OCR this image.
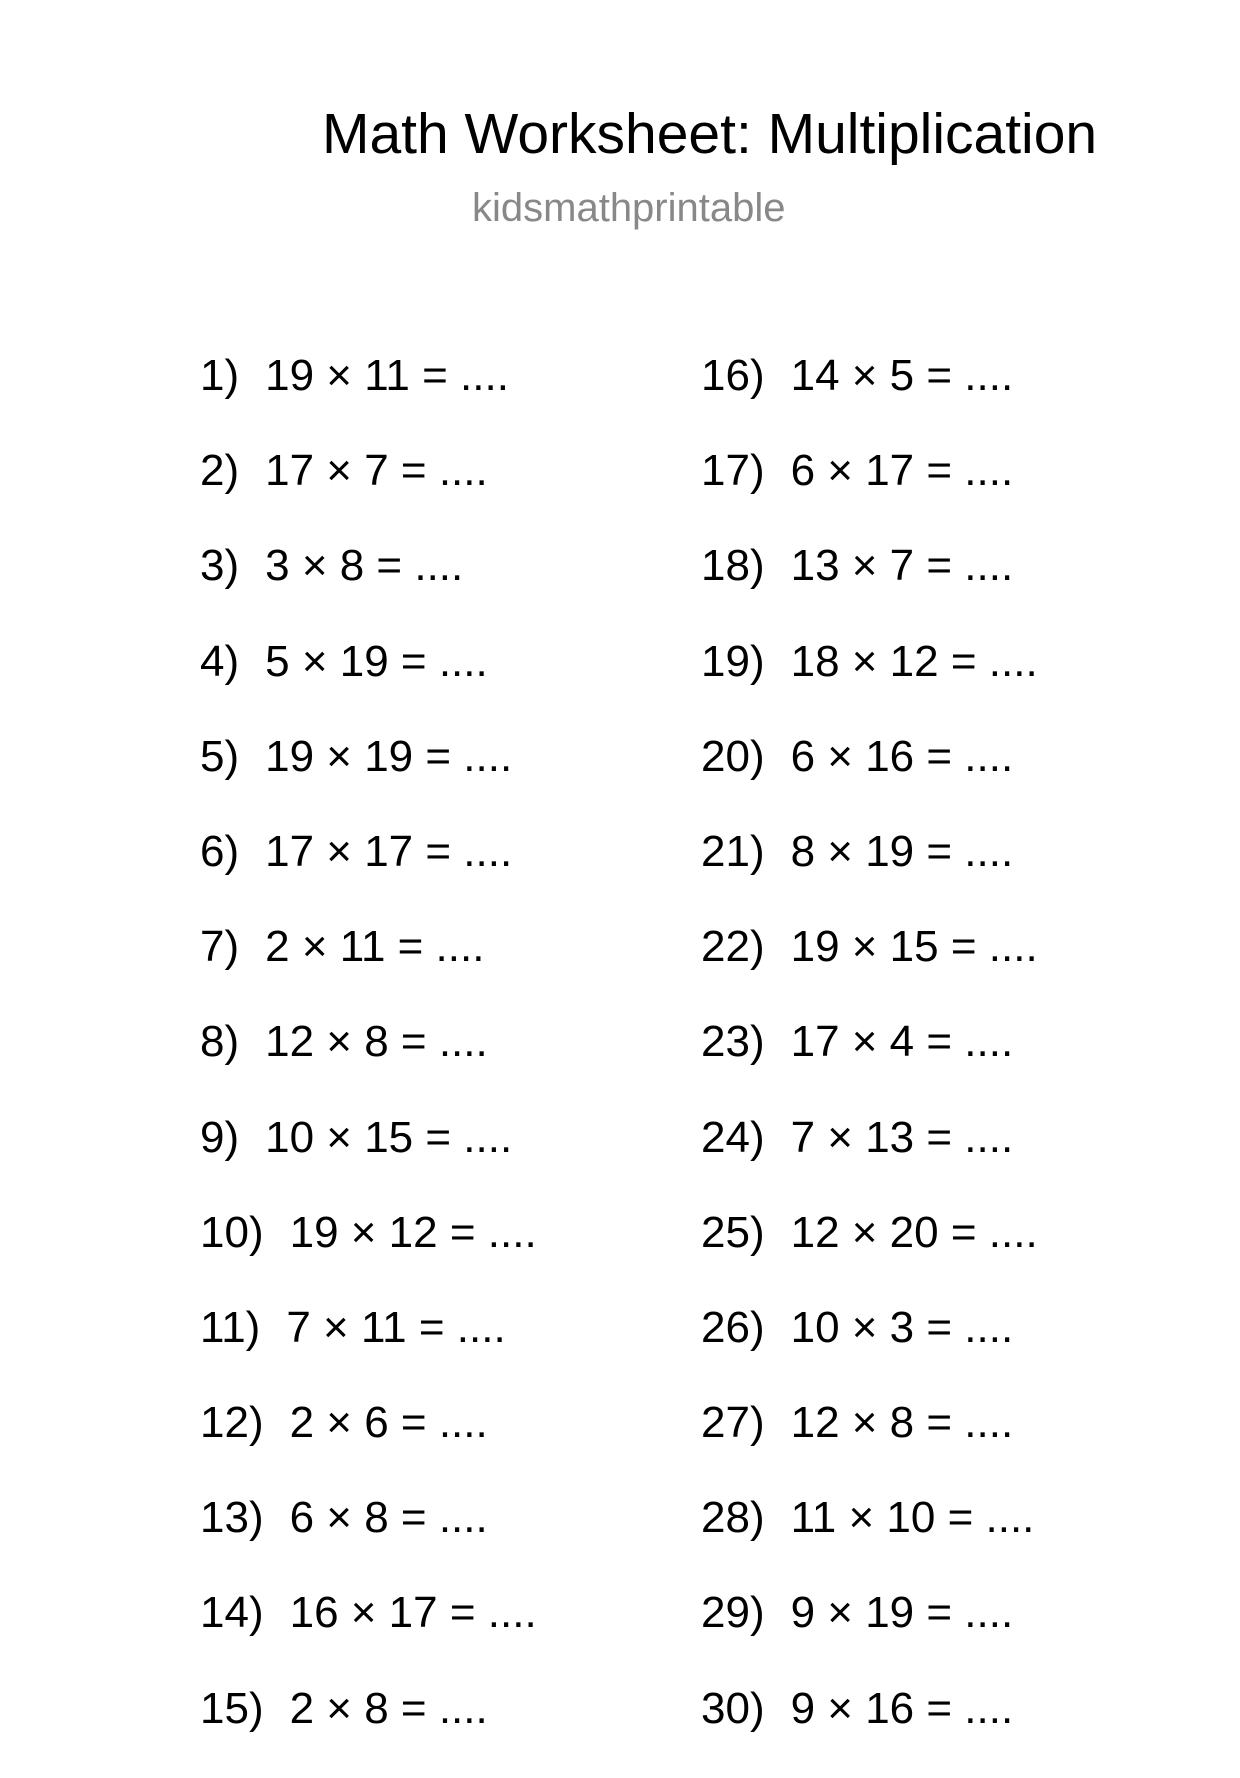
Math Worksheet: Multiplication
kidsmathprintable
1) 19 × 11 = ....
2) 17 × 7 = ....
3) 3 × 8 = ....
4) 5 × 19 = ....
5) 19 × 19 = ....
6) 17 × 17 = ....
7) 2 × 11 = ....
8) 12 × 8 = ....
9) 10 × 15 = ....
10) 19 × 12 = ....
11) 7 × 11 = ....
12) 2 × 6 = ....
13) 6 × 8 = ....
14) 16 × 17 = ....
15) 2 × 8 = ....
16) 14 × 5 = ....
17) 6 × 17 = ....
18) 13 × 7 = ....
19) 18 × 12 = ....
20) 6 × 16 = ....
21) 8 × 19 = ....
22) 19 × 15 = ....
23) 17 × 4 = ....
24) 7 × 13 = ....
25) 12 × 20 = ....
26) 10 × 3 = ....
27) 12 × 8 = ....
28) 11 × 10 = ....
29) 9 × 19 = ....
30) 9 × 16 = ....
